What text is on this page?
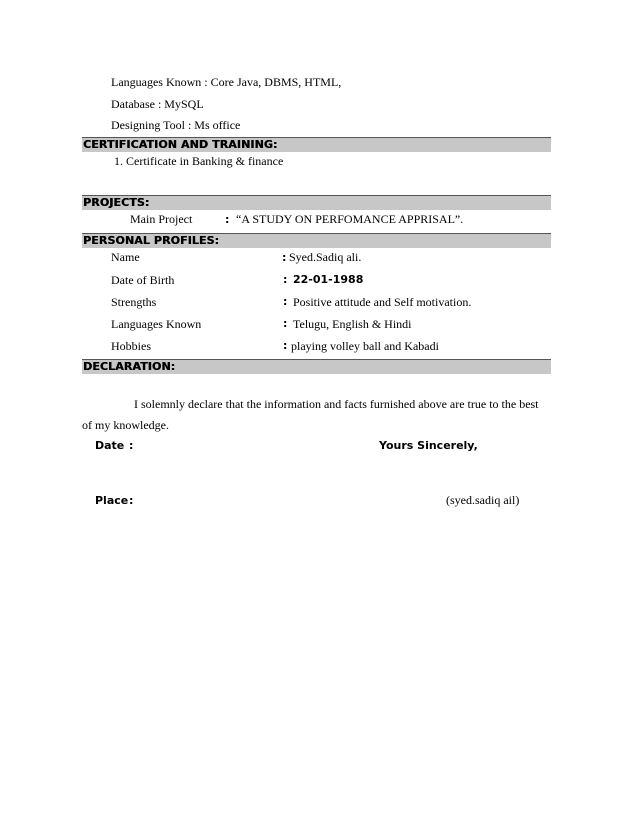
Languages Known : Core Java, DBMS, HTML,
Database : MySQL
Designing Tool : Ms office
CERTIFICATION AND TRAINING:
1. Certificate in Banking & finance
PROJECTS:
Main Project	: “A STUDY ON PERFOMANCE APPRISAL”.
PERSONAL PROFILES:
Name	: Syed.Sadiq ali.
Date of Birth	: 22-01-1988
Strengths	: Positive attitude and Self motivation.
Languages Known	: Telugu, English & Hindi
Hobbies	: playing volley ball and Kabadi
DECLARATION:
I solemnly declare that the information and facts furnished above are true to the best
of my knowledge.
Date :	Yours Sincerely,
Place :	(syed.sadiq ail)
